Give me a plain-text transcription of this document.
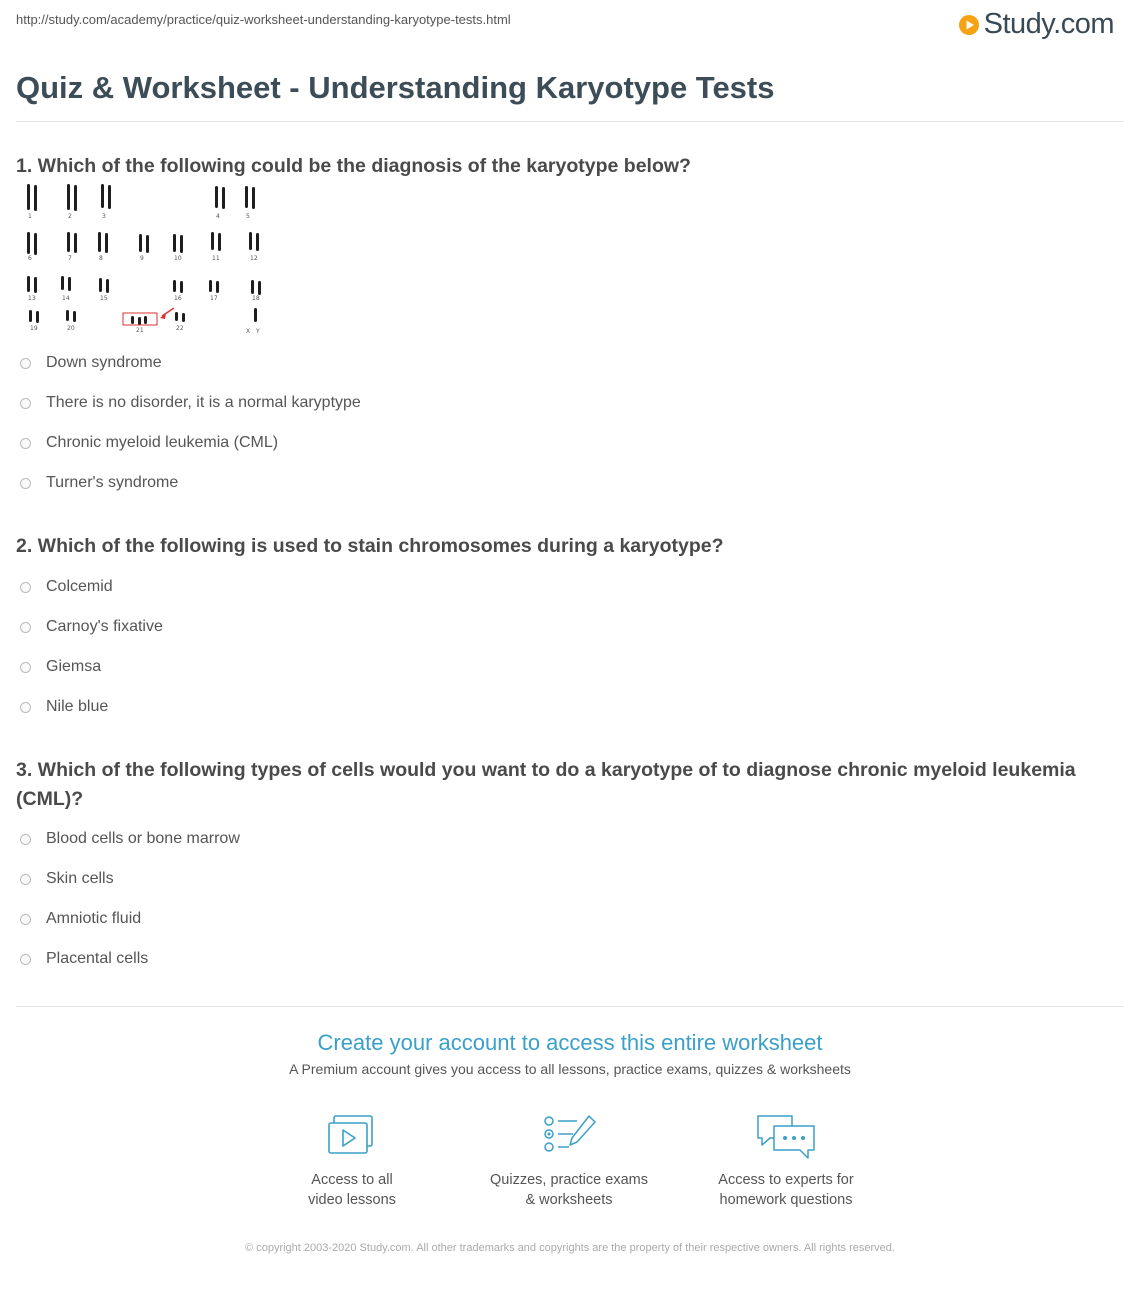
http://study.com/academy/practice/quiz-worksheet-understanding-karyotype-tests.html	Study.com
Quiz & Worksheet - Understanding Karyotype Tests
1. Which of the following could be the diagnosis of the karyotype below?
1	2	3	4	5
6	7	8	9	10	11	12
13	14	15	16	17	18
19	20	21	22	X Y
Down syndrome
There is no disorder, it is a normal karyptype
Chronic myeloid leukemia (CML)
Turner's syndrome
2. Which of the following is used to stain chromosomes during a karyotype?
Colcemid
Carnoy's fixative
Giemsa
Nile blue
3. Which of the following types of cells would you want to do a karyotype of to diagnose chronic myeloid leukemia (CML)?
Blood cells or bone marrow
Skin cells
Amniotic fluid
Placental cells
Create your account to access this entire worksheet
A Premium account gives you access to all lessons, practice exams, quizzes & worksheets
Access to all
video lessons
Quizzes, practice exams
& worksheets
Access to experts for
homework questions
© copyright 2003-2020 Study.com. All other trademarks and copyrights are the property of their respective owners. All rights reserved.
